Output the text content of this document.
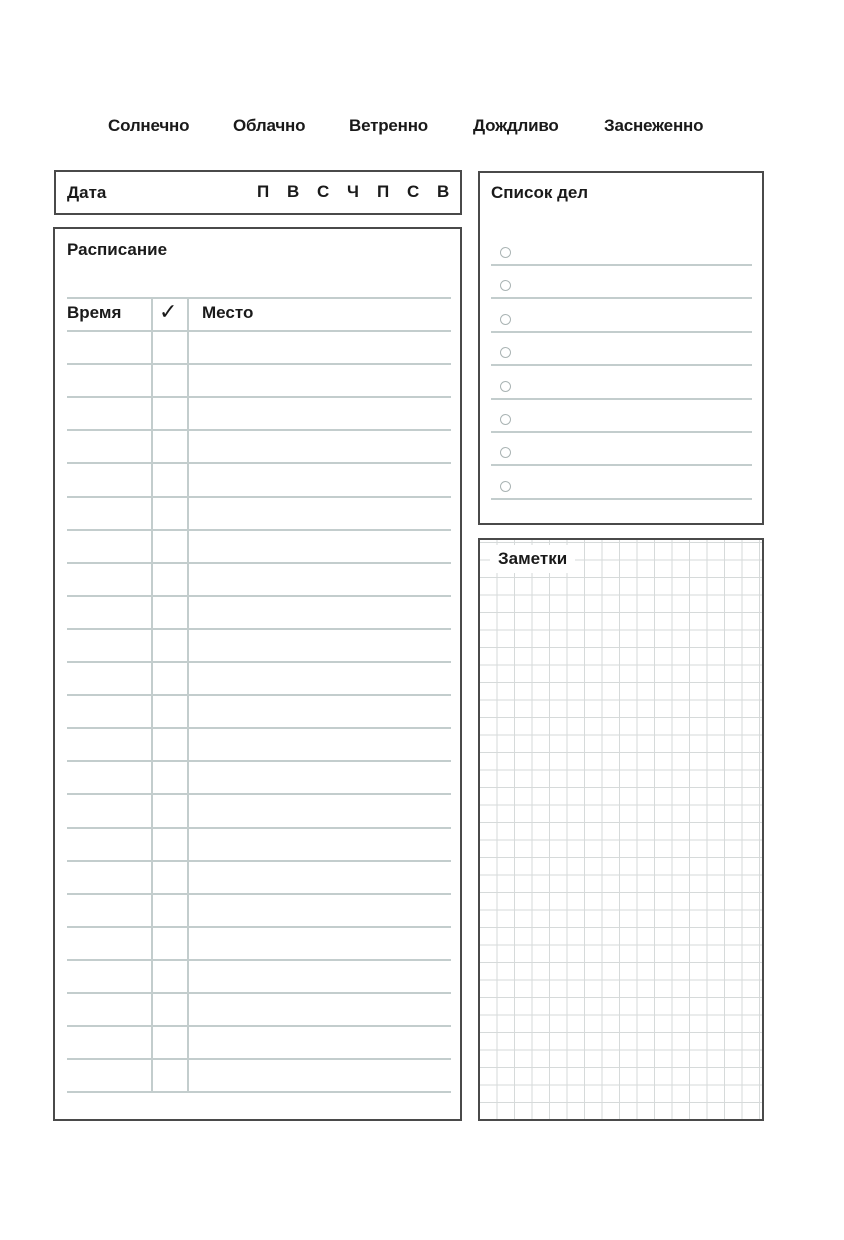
Солнечно	Облачно	Ветренно	Дождливо	Заснеженно
Дата	П В С Ч П С В
Расписание
Время ✓ Место
Список дел
Заметки
